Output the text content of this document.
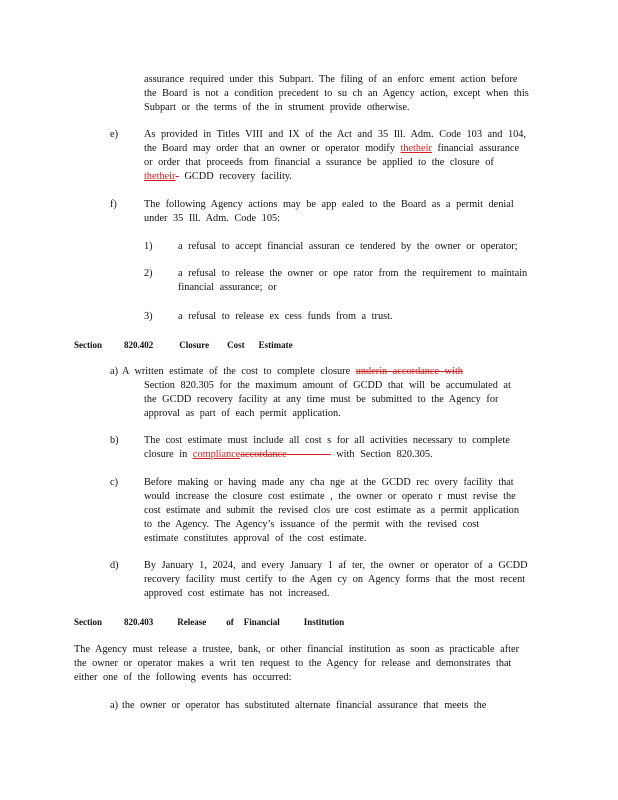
assurance required under this Subpart. The filing of an enforc ement action before
the Board is not a condition precedent to su ch an Agency action, except when this
Subpart or the terms of the in strument provide otherwise.
e)	As provided in Titles VIII and IX of the Act and 35 Ill. Adm. Code 103 and 104,
the Board may order that an owner or operator modify thetheir financial assurance
or order that proceeds from financial a ssurance be applied to the closure of
thetheir     GCDD recovery facility.
f)	The following Agency actions may be app ealed to the Board as a permit denial
under 35 Ill. Adm. Code 105:
1) a refusal to accept financial assuran ce tendered by the owner or operator;
2) a refusal to release the owner or ope rator from the requirement to maintain
financial assurance; or
3) a refusal to release ex cess funds from a trust.
Section 820.402	Closure Cost Estimate
a) A written estimate of the cost to complete closure underin accordance with
Section 820.305 for the maximum amount of GCDD that will be accumulated at
the GCDD recovery facility at any time must be submitted to the Agency for
approval as part of each permit application.
b) The cost estimate must include all cost s for all activities necessary to complete
closure in complianceaccordance	with Section 820.305.
c)	Before making or having made any cha nge at the GCDD rec overy facility that
would increase the closure cost estimate , the owner or operato r must revise the
cost estimate and submit the revised clos ure cost estimate as a permit application
to the Agency. The Agency’s issuance of the permit with the revised cost
estimate constitutes approval of the cost estimate.
d) By January 1, 2024, and every January 1 af ter, the owner or operator of a GCDD
recovery facility must certify to the Agen cy on Agency forms that the most recent
approved cost estimate has not increased.
Section 820.403	Release of Financial	Institution
The Agency must release a trustee, bank, or other financial institution as soon as practicable after
the owner or operator makes a writ ten request to the Agency for release and demonstrates that
either one of the following events has occurred:
a) the owner or operator has substituted alternate financial assurance that meets the
